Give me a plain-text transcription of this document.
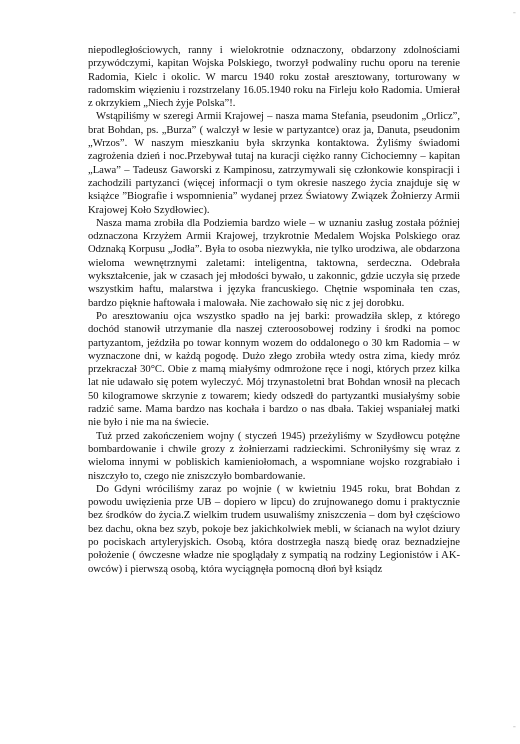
-

niepodległościowych, ranny i wielokrotnie odznaczony, obdarzony zdolnościami przywódczymi, kapitan Wojska Polskiego, tworzył podwaliny ruchu oporu na terenie Radomia, Kielc i okolic. W marcu 1940 roku został aresztowany, torturowany w radomskim więzieniu i rozstrzelany 16.05.1940 roku na Firleju koło Radomia. Umierał z okrzykiem „Niech żyje Polska”!.

Wstąpiliśmy w szeregi Armii Krajowej – nasza mama Stefania, pseudonim „Orlicz”, brat Bohdan, ps. „Burza” ( walczył w lesie w partyzantce) oraz ja, Danuta, pseudonim „Wrzos”. W naszym mieszkaniu była skrzynka kontaktowa. Żyliśmy świadomi zagrożenia dzień i noc.Przebywał tutaj na kuracji ciężko ranny Cichociemny – kapitan „Lawa” – Tadeusz Gaworski z Kampinosu, zatrzymywali się członkowie konspiracji i zachodzili partyzanci (więcej informacji o tym okresie naszego życia znajduje się w książce ”Biografie i wspomnienia” wydanej przez Światowy Związek Żołnierzy Armii Krajowej Koło Szydłowiec).

Nasza mama zrobiła dla Podziemia bardzo wiele – w uznaniu zasług została później odznaczona Krzyżem Armii Krajowej, trzykrotnie Medalem Wojska Polskiego oraz Odznaką Korpusu „Jodła”. Była to osoba niezwykła, nie tylko urodziwa, ale obdarzona wieloma wewnętrznymi zaletami: inteligentna, taktowna, serdeczna. Odebrała wykształcenie, jak w czasach jej młodości bywało, u zakonnic, gdzie uczyła się przede wszystkim haftu, malarstwa i języka francuskiego. Chętnie wspominała ten czas, bardzo pięknie haftowała i malowała. Nie zachowało się nic z jej dorobku.

Po aresztowaniu ojca wszystko spadło na jej barki: prowadziła sklep, z którego dochód stanowił utrzymanie dla naszej czteroosobowej rodziny i środki na pomoc partyzantom, jeździła po towar konnym wozem do oddalonego o 30 km Radomia – w wyznaczone dni, w każdą pogodę. Dużo złego zrobiła wtedy ostra zima, kiedy mróz przekraczał 30°C. Obie z mamą miałyśmy odmrożone ręce i nogi, których przez kilka lat nie udawało się potem wyleczyć. Mój trzynastoletni brat Bohdan wnosił na plecach 50 kilogramowe skrzynie z towarem; kiedy odszedł do partyzantki musiałyśmy sobie radzić same. Mama bardzo nas kochała i bardzo o nas dbała. Takiej wspaniałej matki nie było i nie ma na świecie.

Tuż przed zakończeniem wojny ( styczeń 1945) przeżyliśmy w Szydłowcu potężne bombardowanie i chwile grozy z żołnierzami radzieckimi. Schroniłyśmy się wraz z wieloma innymi w pobliskich kamieniołomach, a wspomniane wojsko rozgrabiało i niszczyło to, czego nie zniszczyło bombardowanie.

Do Gdyni wróciliśmy zaraz po wojnie ( w kwietniu 1945 roku, brat Bohdan z powodu uwięzienia prze UB – dopiero w lipcu) do zrujnowanego domu i praktycznie bez środków do życia.Z wielkim trudem usuwaliśmy zniszczenia – dom był częściowo bez dachu, okna bez szyb, pokoje bez jakichkolwiek mebli, w ścianach na wylot dziury po pociskach artyleryjskich. Osobą, która dostrzegła naszą biedę oraz beznadziejne położenie ( ówczesne władze nie spoglądały z sympatią na rodziny Legionistów i AK-owców) i pierwszą osobą, która wyciągnęła pomocną dłoń był ksiądz

-
